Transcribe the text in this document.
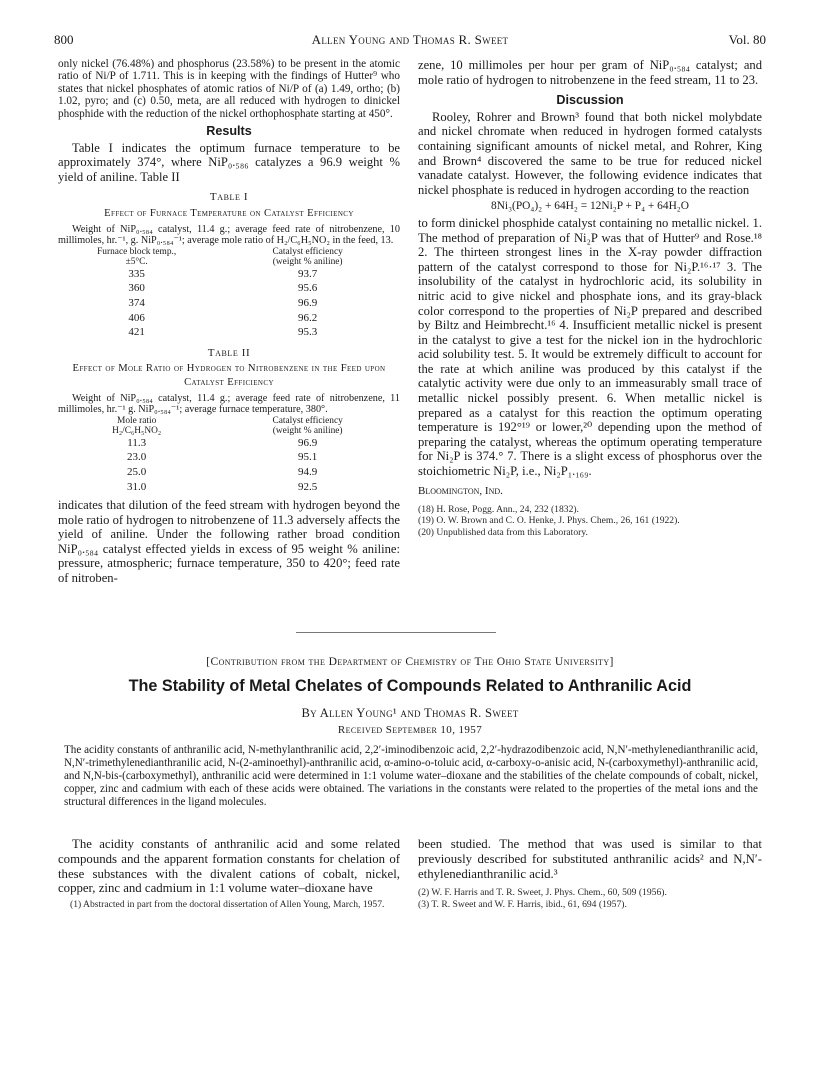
800	Allen Young and Thomas R. Sweet	Vol. 80

only nickel (76.48%) and phosphorus (23.58%) to be present in the atomic ratio of Ni/P of 1.711. This is in keeping with the findings of Hutter⁹ who states that nickel phosphates of atomic ratios of Ni/P of (a) 1.49, ortho; (b) 1.02, pyro; and (c) 0.50, meta, are all reduced with hydrogen to dinickel phosphide with the reduction of the nickel orthophosphate starting at 450°.

Results

Table I indicates the optimum furnace temperature to be approximately 374°, where NiP₀.₅₈₆ catalyzes a 96.9 weight % yield of aniline. Table II

Table I
Effect of Furnace Temperature on Catalyst Efficiency

Weight of NiP₀.₅₈₄ catalyst, 11.4 g.; average feed rate of nitrobenzene, 10 millimoles, hr.⁻¹, g. NiP₀.₅₈₄⁻¹; average mole ratio of H₂/C₆H₅NO₂ in the feed, 13.

Furnace block temp.,
±5°C.	Catalyst efficiency
(weight % aniline)
335	93.7
360	95.6
374	96.9
406	96.2
421	95.3
Table II
Effect of Mole Ratio of Hydrogen to Nitrobenzene in the Feed upon Catalyst Efficiency

Weight of NiP₀.₅₈₄ catalyst, 11.4 g.; average feed rate of nitrobenzene, 11 millimoles, hr.⁻¹ g. NiP₀.₅₈₄⁻¹; average furnace temperature, 380°.

Mole ratio
H₂/C₆H₅NO₂	Catalyst efficiency
(weight % aniline)
11.3	96.9
23.0	95.1
25.0	94.9
31.0	92.5

indicates that dilution of the feed stream with hydrogen beyond the mole ratio of hydrogen to nitrobenzene of 11.3 adversely affects the yield of aniline. Under the following rather broad condition NiP₀.₅₈₄ catalyst effected yields in excess of 95 weight % aniline: pressure, atmospheric; furnace temperature, 350 to 420°; feed rate of nitroben-

zene, 10 millimoles per hour per gram of NiP₀.₅₈₄ catalyst; and mole ratio of hydrogen to nitrobenzene in the feed stream, 11 to 23.

Discussion

Rooley, Rohrer and Brown³ found that both nickel molybdate and nickel chromate when reduced in hydrogen formed catalysts containing significant amounts of nickel metal, and Rohrer, King and Brown⁴ discovered the same to be true for reduced nickel vanadate catalyst. However, the following evidence indicates that nickel phosphate is reduced in hydrogen according to the reaction

8Ni₃(PO₄)₂ + 64H₂ = 12Ni₂P + P₄ + 64H₂O

to form dinickel phosphide catalyst containing no metallic nickel. 1. The method of preparation of Ni₂P was that of Hutter⁹ and Rose.¹⁸ 2. The thirteen strongest lines in the X-ray powder diffraction pattern of the catalyst correspond to those for Ni₂P.¹⁶·¹⁷ 3. The insolubility of the catalyst in hydrochloric acid, its solubility in nitric acid to give nickel and phosphate ions, and its gray-black color correspond to the properties of Ni₂P prepared and described by Biltz and Heimbrecht.¹⁶ 4. Insufficient metallic nickel is present in the catalyst to give a test for the nickel ion in the hydrochloric acid solubility test. 5. It would be extremely difficult to account for the rate at which aniline was produced by this catalyst if the catalytic activity were due only to an immeasurably small trace of metallic nickel possibly present. 6. When metallic nickel is prepared as a catalyst for this reaction the optimum operating temperature is 192°¹⁹ or lower,²⁰ depending upon the method of preparing the catalyst, whereas the optimum operating temperature for Ni₂P is 374.° 7. There is a slight excess of phosphorus over the stoichiometric Ni₂P, i.e., Ni₂P₁.₁₆₉.

Bloomington, Ind.
(18) H. Rose, Pogg. Ann., 24, 232 (1832).
(19) O. W. Brown and C. O. Henke, J. Phys. Chem., 26, 161 (1922).
(20) Unpublished data from this Laboratory.
[Contribution from the Department of Chemistry of The Ohio State University]
The Stability of Metal Chelates of Compounds Related to Anthranilic Acid
By Allen Young¹ and Thomas R. Sweet
Received September 10, 1957

The acidity constants of anthranilic acid, N-methylanthranilic acid, 2,2′-iminodibenzoic acid, 2,2′-hydrazodibenzoic acid, N,N′-methylenedianthranilic acid, N,N′-trimethylenedianthranilic acid, N-(2-aminoethyl)-anthranilic acid, α-amino-o-toluic acid, α-carboxy-o-anisic acid, N-(carboxymethyl)-anthranilic acid, and N,N-bis-(carboxymethyl), anthranilic acid were determined in 1:1 volume water–dioxane and the stabilities of the chelate compounds of cobalt, nickel, copper, zinc and cadmium with each of these acids were obtained. The variations in the constants were related to the properties of the metal ions and the structural differences in the ligand molecules.

The acidity constants of anthranilic acid and some related compounds and the apparent formation constants for chelation of these substances with the divalent cations of cobalt, nickel, copper, zinc and cadmium in 1:1 volume water–dioxane have

(1) Abstracted in part from the doctoral dissertation of Allen Young, March, 1957.

been studied. The method that was used is similar to that previously described for substituted anthranilic acids² and N,N′-ethylenedianthranilic acid.³

(2) W. F. Harris and T. R. Sweet, J. Phys. Chem., 60, 509 (1956).
(3) T. R. Sweet and W. F. Harris, ibid., 61, 694 (1957).
